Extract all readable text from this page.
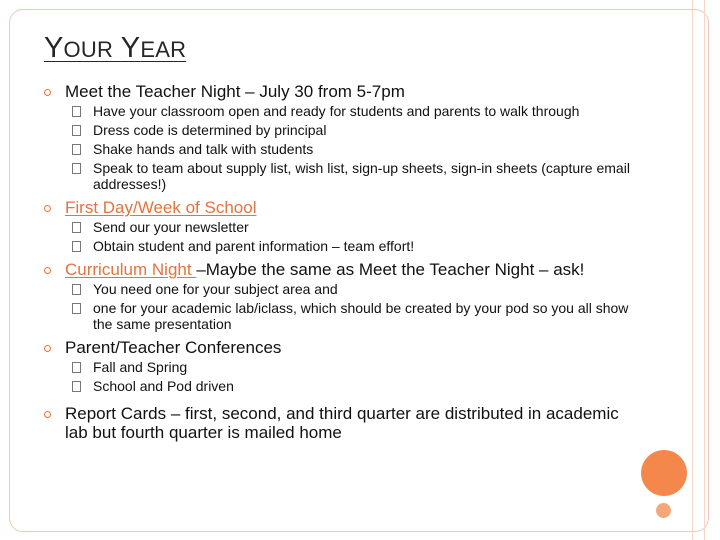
YOUR YEAR
Meet the Teacher Night – July 30 from 5-7pm
Have your classroom open and ready for students and parents to walk through
Dress code is determined by principal
Shake hands and talk with students
Speak to team about supply list, wish list, sign-up sheets, sign-in sheets (capture email addresses!)
First Day/Week of School
Send our your newsletter
Obtain student and parent information – team effort!
Curriculum Night –Maybe the same as Meet the Teacher Night – ask!
You need one for your subject area and
one for your academic lab/iclass, which should be created by your pod so you all show the same presentation
Parent/Teacher Conferences
Fall and Spring
School and Pod driven
Report Cards – first, second, and third quarter are distributed in academic lab but fourth quarter is mailed home
